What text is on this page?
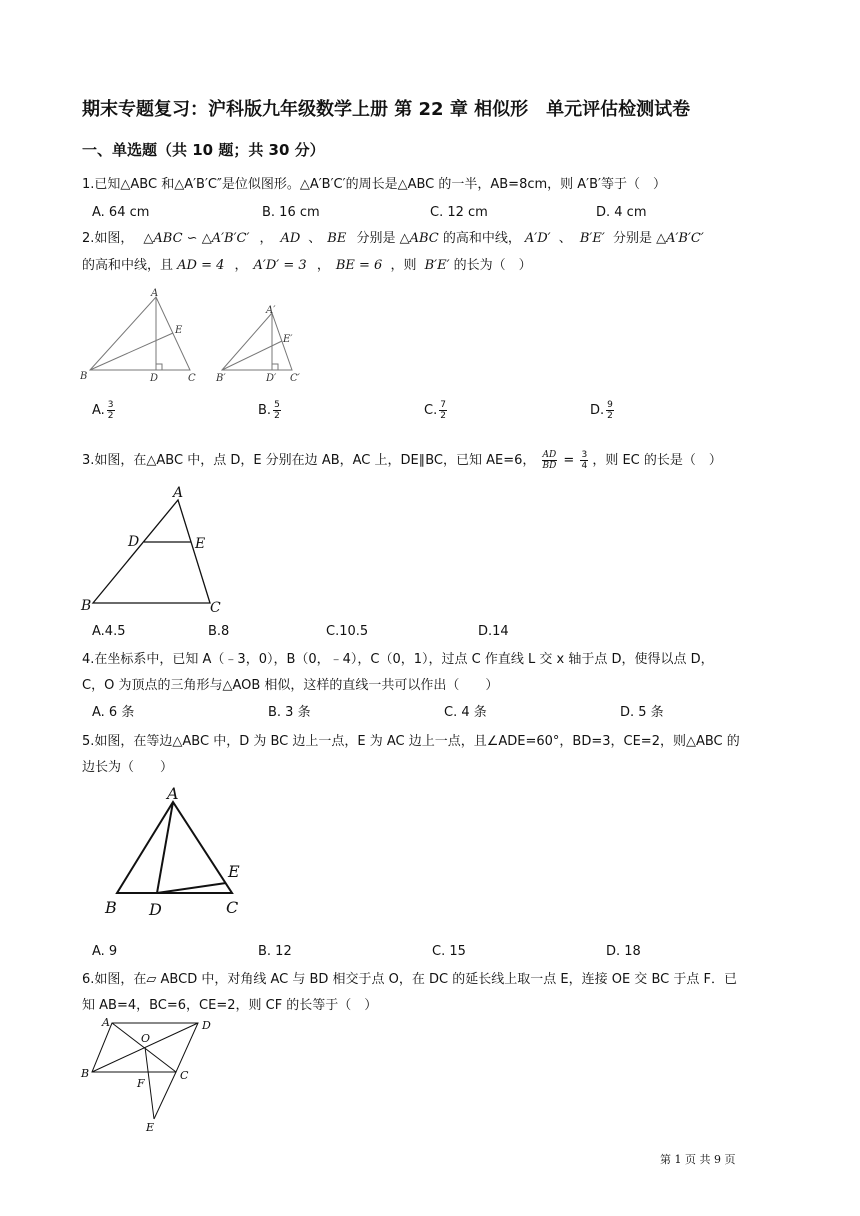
期末专题复习：沪科版九年级数学上册 第 22 章 相似形　单元评估检测试卷
一、单选题（共 10 题；共 30 分）
1.已知△ABC 和△A′B′C″是位似图形。△A′B′C′的周长是△ABC 的一半，AB=8cm，则 A′B′等于（　）
A. 64 cm	B. 16 cm	C. 12 cm	D. 4 cm
2.如图， △ABC ∽ △A′B′C′ ， AD 、 BE 分别是 △ABC 的高和中线， A′D′ 、 B′E′ 分别是 △A′B′C′
的高和中线，且 AD = 4 ， A′D′ = 3 ， BE = 6 ，则 B′E′ 的长为（　）
A
B	C
D
E
A′
B′	C′
D′
E′
A. $\frac{3}{2}$	B. $\frac{5}{2}$	C. $\frac{7}{2}$	D. $\frac{9}{2}$
3.如图，在△ABC 中，点 D，E 分别在边 AB，AC 上，DE∥BC，已知 AE=6， $\frac{AD}{BD} = \frac{3}{4}$ ，则 EC 的长是（　）
A
B	C
D	E
A.4.5	B.8	C.10.5	D.14
4.在坐标系中，已知 A（﹣3，0），B（0，﹣4），C（0，1），过点 C 作直线 L 交 x 轴于点 D，使得以点 D，
C，O 为顶点的三角形与△AOB 相似，这样的直线一共可以作出（　　）
A. 6 条	B. 3 条	C. 4 条	D. 5 条
5.如图，在等边△ABC 中，D 为 BC 边上一点，E 为 AC 边上一点，且∠ADE=60°，BD=3，CE=2，则△ABC 的
边长为（　　）
A
B	C
D
E
A. 9	B. 12	C. 15	D. 18
6.如图，在▱ ABCD 中，对角线 AC 与 BD 相交于点 O，在 DC 的延长线上取一点 E，连接 OE 交 BC 于点 F．已
知 AB=4，BC=6，CE=2，则 CF 的长等于（　）
A
B	C
D
O
F
E
第 1 页 共 9 页
